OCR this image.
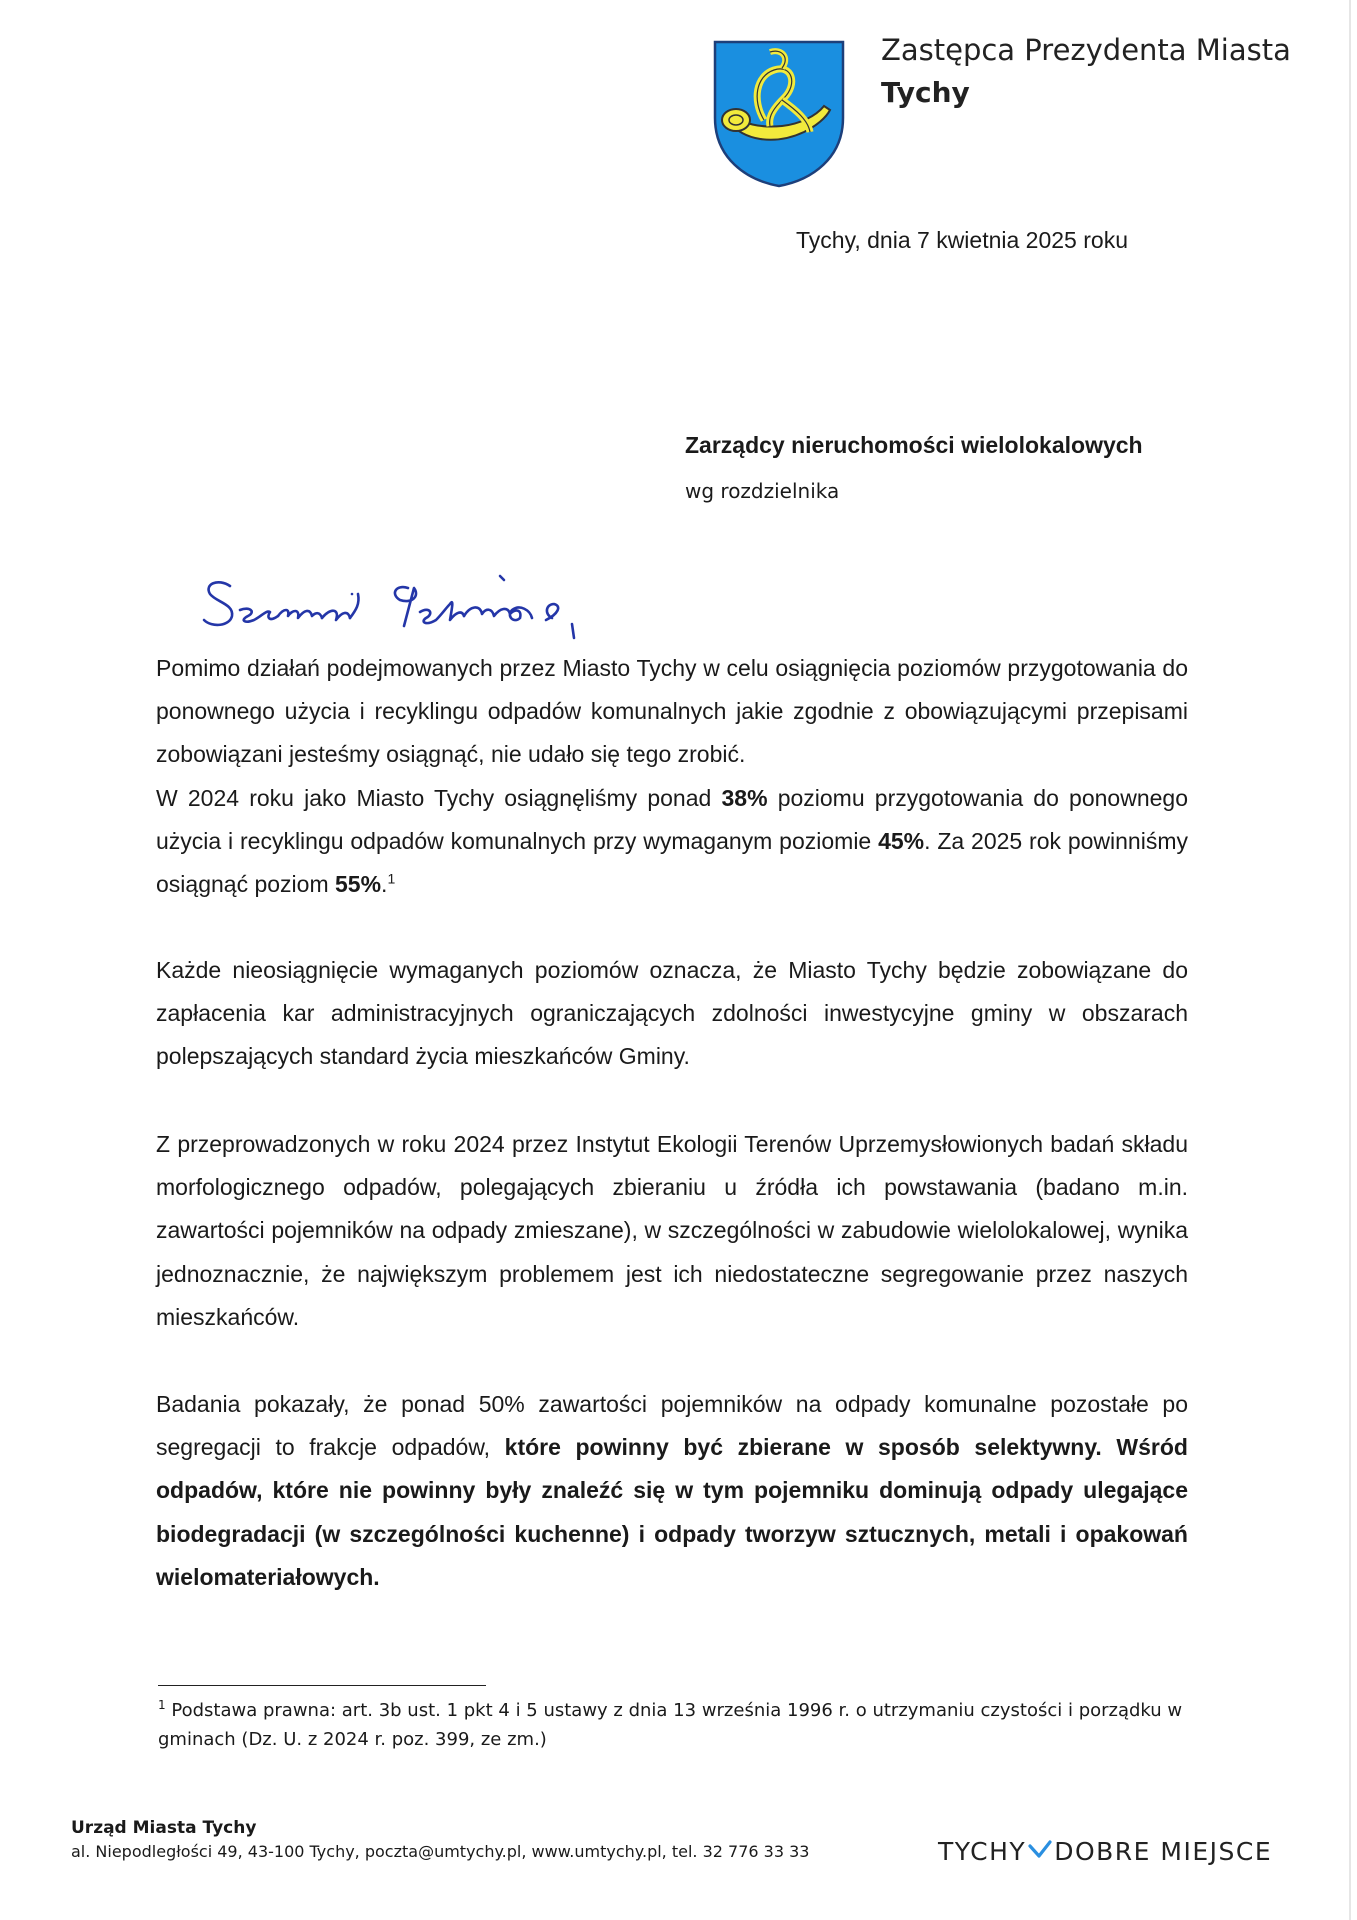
Zastępca Prezydenta Miasta
Tychy
Tychy, dnia 7 kwietnia 2025 roku
Zarządcy nieruchomości wielolokalowych
wg rozdzielnika
Pomimo działań podejmowanych przez Miasto Tychy w celu osiągnięcia poziomów przygotowania do ponownego użycia i recyklingu odpadów komunalnych jakie zgodnie z obowiązującymi przepisami zobowiązani jesteśmy osiągnąć, nie udało się tego zrobić.
W 2024 roku jako Miasto Tychy osiągnęliśmy ponad 38% poziomu przygotowania do ponownego użycia i recyklingu odpadów komunalnych przy wymaganym poziomie 45%. Za 2025 rok powinniśmy osiągnąć poziom 55%.$^1$
Każde nieosiągnięcie wymaganych poziomów oznacza, że Miasto Tychy będzie zobowiązane do zapłacenia kar administracyjnych ograniczających zdolności inwestycyjne gminy w obszarach polepszających standard życia mieszkańców Gminy.
Z przeprowadzonych w roku 2024 przez Instytut Ekologii Terenów Uprzemysłowionych badań składu morfologicznego odpadów, polegających zbieraniu u źródła ich powstawania (badano m.in. zawartości pojemników na odpady zmieszane), w szczególności w zabudowie wielolokalowej, wynika jednoznacznie, że największym problemem jest ich niedostateczne segregowanie przez naszych mieszkańców.
Badania pokazały, że ponad 50% zawartości pojemników na odpady komunalne pozostałe po segregacji to frakcje odpadów, które powinny być zbierane w sposób selektywny. Wśród odpadów, które nie powinny były znaleźć się w tym pojemniku dominują odpady ulegające biodegradacji (w szczególności kuchenne) i odpady tworzyw sztucznych, metali i opakowań wielomateriałowych.
$^1$ Podstawa prawna: art. 3b ust. 1 pkt 4 i 5 ustawy z dnia 13 września 1996 r. o utrzymaniu czystości i porządku w gminach (Dz. U. z 2024 r. poz. 399, ze zm.)
Urząd Miasta Tychy
al. Niepodległości 49, 43-100 Tychy, poczta@umtychy.pl, www.umtychy.pl, tel. 32 776 33 33	TYCHY DOBRE MIEJSCE
